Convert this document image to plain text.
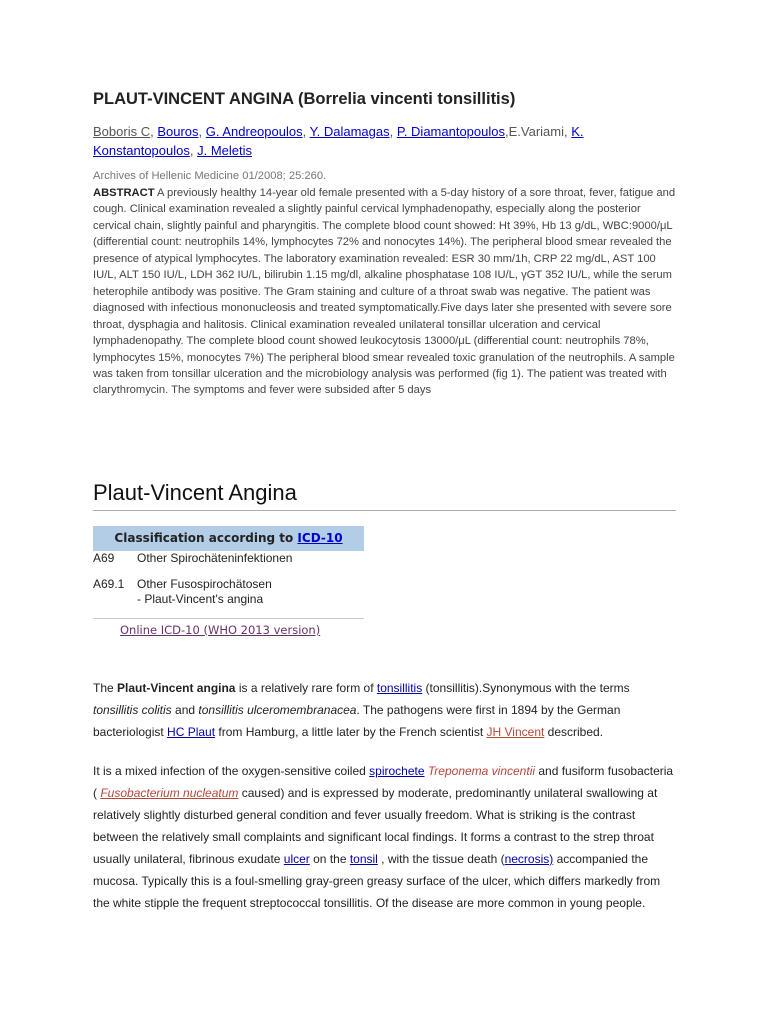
PLAUT-VINCENT ANGINA (Borrelia vincenti tonsillitis)
Boboris C, Bouros, G. Andreopoulos, Y. Dalamagas, P. Diamantopoulos,E.Variami, K. Konstantopoulos, J. Meletis
Archives of Hellenic Medicine 01/2008; 25:260.

ABSTRACT A previously healthy 14-year old female presented with a 5-day history of a sore throat, fever, fatigue and cough. Clinical examination revealed a slightly painful cervical lymphadenopathy, especially along the posterior cervical chain, slightly painful and pharyngitis. The complete blood count showed: Ht 39%, Hb 13 g/dL, WBC:9000/μL (differential count: neutrophils 14%, lymphocytes 72% and nonocytes 14%). The peripheral blood smear revealed the presence of atypical lymphocytes. The laboratory examination revealed: ESR 30 mm/1h, CRP 22 mg/dL, AST 100 IU/L, ALT 150 IU/L, LDH 362 IU/L, bilirubin 1.15 mg/dl, alkaline phosphatase 108 IU/L, γGT 352 IU/L, while the serum heterophile antibody was positive. The Gram staining and culture of a throat swab was negative. The patient was diagnosed with infectious mononucleosis and treated symptomatically.Five days later she presented with severe sore throat, dysphagia and halitosis. Clinical examination revealed unilateral tonsillar ulceration and cervical lymphadenopathy. The complete blood count showed leukocytosis 13000/μL (differential count: neutrophils 78%, lymphocytes 15%, monocytes 7%) The peripheral blood smear revealed toxic granulation of the neutrophils. A sample was taken from tonsillar ulceration and the microbiology analysis was performed (fig 1). The patient was treated with clarythromycin. The symptoms and fever were subsided after 5 days

Plaut-Vincent Angina
Classification according to ICD-10
A69 Other Spirochäteninfektionen
A69.1 Other Fusospirochätosen
- Plaut-Vincent's angina
Online ICD-10 (WHO 2013 version)

The Plaut-Vincent angina is a relatively rare form of tonsillitis (tonsillitis).Synonymous with the terms tonsillitis colitis and tonsillitis ulceromembranacea. The pathogens were first in 1894 by the German bacteriologist HC Plaut from Hamburg, a little later by the French scientist JH Vincent described.

It is a mixed infection of the oxygen-sensitive coiled spirochete Treponema vincentii and fusiform fusobacteria ( Fusobacterium nucleatum caused) and is expressed by moderate, predominantly unilateral swallowing at relatively slightly disturbed general condition and fever usually freedom. What is striking is the contrast between the relatively small complaints and significant local findings. It forms a contrast to the strep throat usually unilateral, fibrinous exudate ulcer on the tonsil , with the tissue death (necrosis) accompanied the mucosa. Typically this is a foul-smelling gray-green greasy surface of the ulcer, which differs markedly from the white stipple the frequent streptococcal tonsillitis. Of the disease are more common in young people.
